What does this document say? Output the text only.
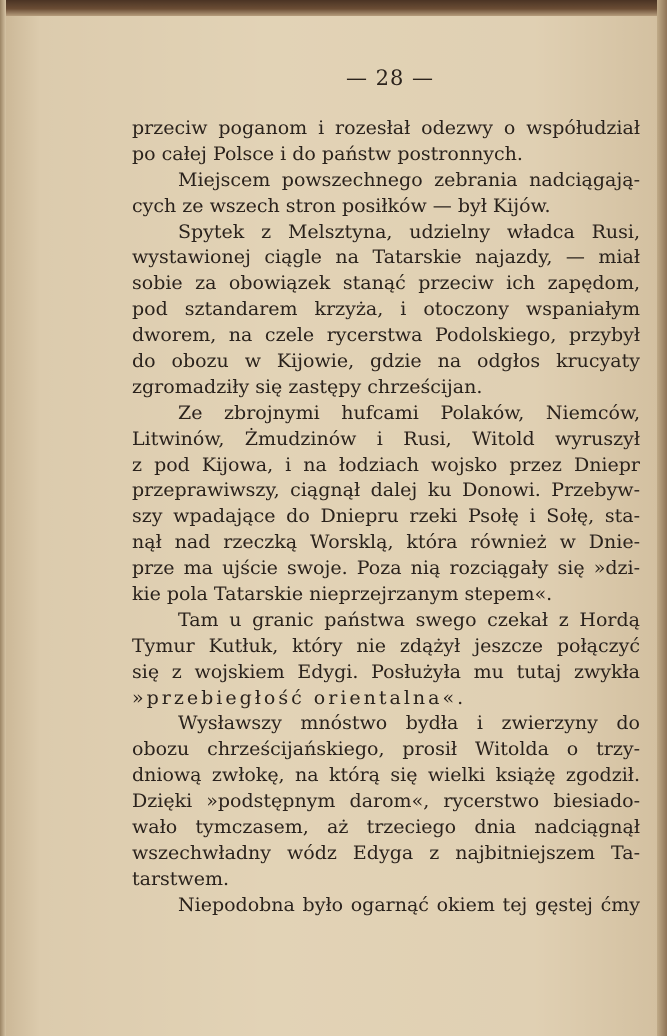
— 28 —
przeciw poganom i rozesłał odezwy o współudział
po całej Polsce i do państw postronnych.
Miejscem powszechnego zebrania nadciągają-
cych ze wszech stron posiłków — był Kijów.
Spytek z Melsztyna, udzielny władca Rusi,
wystawionej ciągle na Tatarskie najazdy, — miał
sobie za obowiązek stanąć przeciw ich zapędom,
pod sztandarem krzyża, i otoczony wspaniałym
dworem, na czele rycerstwa Podolskiego, przybył
do obozu w Kijowie, gdzie na odgłos krucyaty
zgromadziły się zastępy chrześcijan.
Ze zbrojnymi hufcami Polaków, Niemców,
Litwinów, Żmudzinów i Rusi, Witold wyruszył
z pod Kijowa, i na łodziach wojsko przez Dniepr
przeprawiwszy, ciągnął dalej ku Donowi. Przebyw-
szy wpadające do Dniepru rzeki Psołę i Sołę, sta-
nął nad rzeczką Worsklą, która również w Dnie-
prze ma ujście swoje. Poza nią rozciągały się »dzi-
kie pola Tatarskie nieprzejrzanym stepem«.
Tam u granic państwa swego czekał z Hordą
Tymur Kutłuk, który nie zdążył jeszcze połączyć
się z wojskiem Edygi. Posłużyła mu tutaj zwykła
»przebiegłość orientalna«.
Wysławszy mnóstwo bydła i zwierzyny do
obozu chrześcijańskiego, prosił Witolda o trzy-
dniową zwłokę, na którą się wielki książę zgodził.
Dzięki »podstępnym darom«, rycerstwo biesiado-
wało tymczasem, aż trzeciego dnia nadciągnął
wszechwładny wódz Edyga z najbitniejszem Ta-
tarstwem.
Niepodobna było ogarnąć okiem tej gęstej ćmy
